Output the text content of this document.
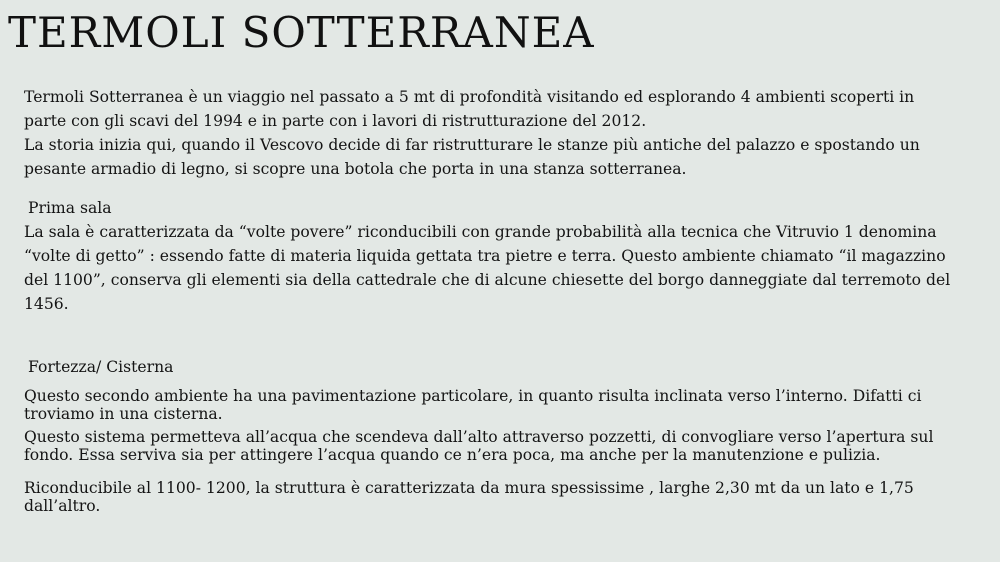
TERMOLI SOTTERRANEA
Termoli Sotterranea è un viaggio nel passato a 5 mt di profondità visitando ed esplorando 4 ambienti scoperti in
parte con gli scavi del 1994 e in parte con i lavori di ristrutturazione del 2012.
La storia inizia qui, quando il Vescovo decide di far ristrutturare le stanze più antiche del palazzo e spostando un
pesante armadio di legno, si scopre una botola che porta in una stanza sotterranea.
Prima sala
La sala è caratterizzata da “volte povere” riconducibili con grande probabilità alla tecnica che Vitruvio 1 denomina
“volte di getto” : essendo fatte di materia liquida gettata tra pietre e terra. Questo ambiente chiamato “il magazzino
del 1100”, conserva gli elementi sia della cattedrale che di alcune chiesette del borgo danneggiate dal terremoto del
1456.
Fortezza/ Cisterna
Questo secondo ambiente ha una pavimentazione particolare, in quanto risulta inclinata verso l’interno. Difatti ci
troviamo in una cisterna.
Questo sistema permetteva all’acqua che scendeva dall’alto attraverso pozzetti, di convogliare verso l’apertura sul
fondo. Essa serviva sia per attingere l’acqua quando ce n’era poca, ma anche per la manutenzione e pulizia.
Riconducibile al 1100- 1200, la struttura è caratterizzata da mura spessissime , larghe 2,30 mt da un lato e 1,75
dall’altro.
